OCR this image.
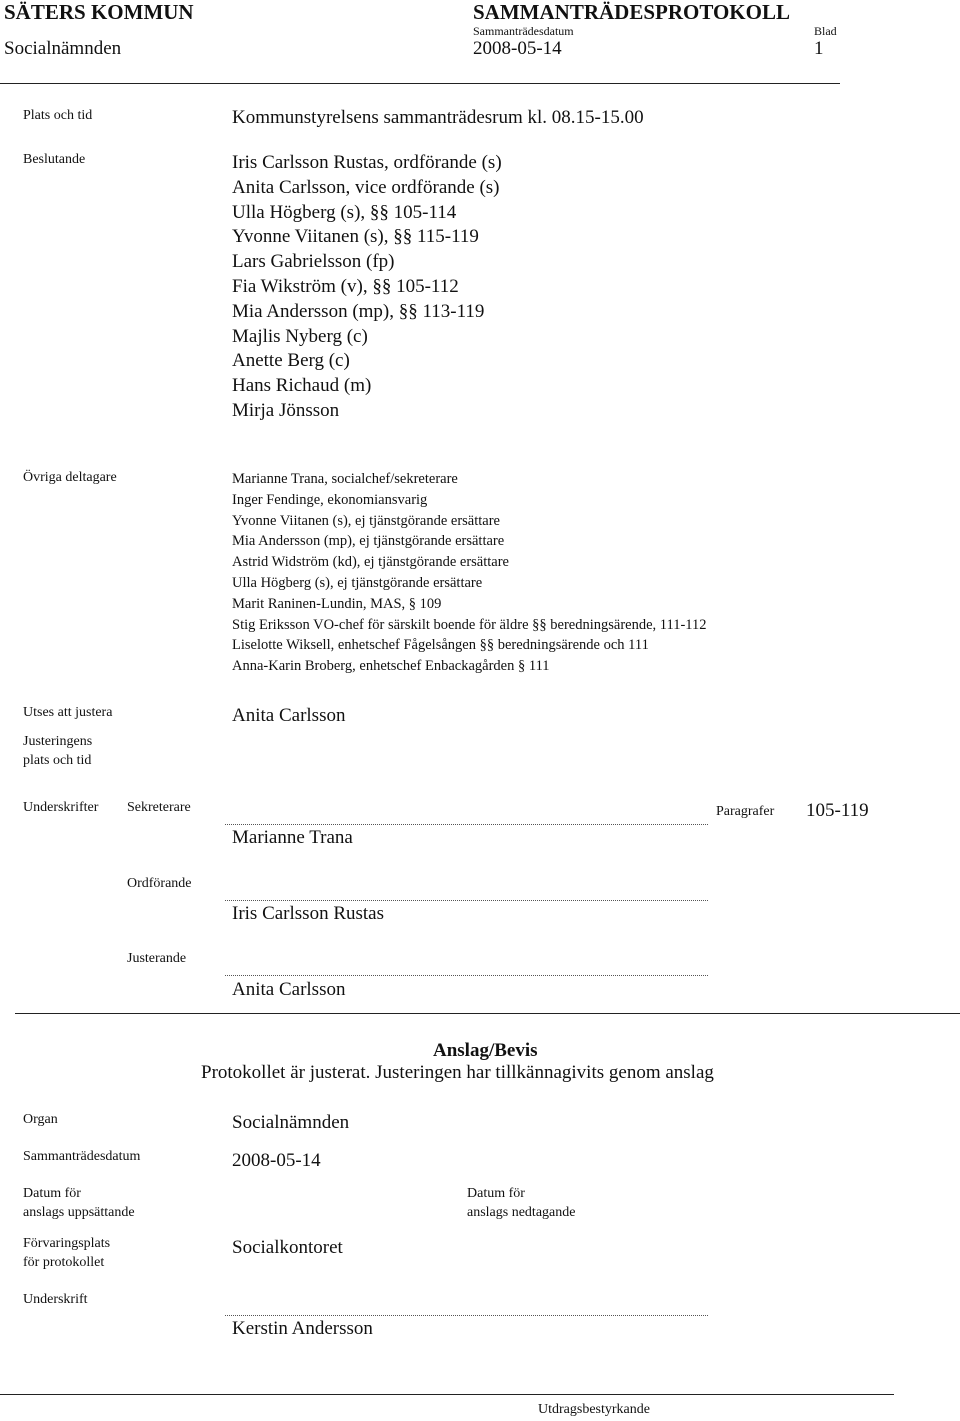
SÄTERS KOMMUN
Socialnämnden
SAMMANTRÄDESPROTOKOLL
Sammanträdesdatum
2008-05-14
Blad
1
Plats och tid	Kommunstyrelsens sammanträdesrum kl. 08.15-15.00
Beslutande	Iris Carlsson Rustas, ordförande (s)
Anita Carlsson, vice ordförande (s)
Ulla Högberg (s), §§ 105-114
Yvonne Viitanen (s), §§ 115-119
Lars Gabrielsson (fp)
Fia Wikström (v), §§ 105-112
Mia Andersson (mp), §§ 113-119
Majlis Nyberg (c)
Anette Berg (c)
Hans Richaud (m)
Mirja Jönsson
Övriga deltagare	Marianne Trana, socialchef/sekreterare
Inger Fendinge, ekonomiansvarig
Yvonne Viitanen (s), ej tjänstgörande ersättare
Mia Andersson (mp), ej tjänstgörande ersättare
Astrid Widström (kd), ej tjänstgörande ersättare
Ulla Högberg (s), ej tjänstgörande ersättare
Marit Raninen-Lundin, MAS, § 109
Stig Eriksson VO-chef för särskilt boende för äldre §§ beredningsärende, 111-112
Liselotte Wiksell, enhetschef Fågelsången §§ beredningsärende och 111
Anna-Karin Broberg, enhetschef Enbackagården § 111
Utses att justera	Anita Carlsson
Justeringens
plats och tid
Underskrifter Sekreterare
Marianne Trana
Paragrafer 105-119
Ordförande
Iris Carlsson Rustas
Justerande
Anita Carlsson
Anslag/Bevis
Protokollet är justerat. Justeringen har tillkännagivits genom anslag
Organ	Socialnämnden
Sammanträdesdatum	2008-05-14
Datum för
anslags uppsättande
Datum för
anslags nedtagande
Förvaringsplats
för protokollet
Socialkontoret
Underskrift
Kerstin Andersson
Utdragsbestyrkande
